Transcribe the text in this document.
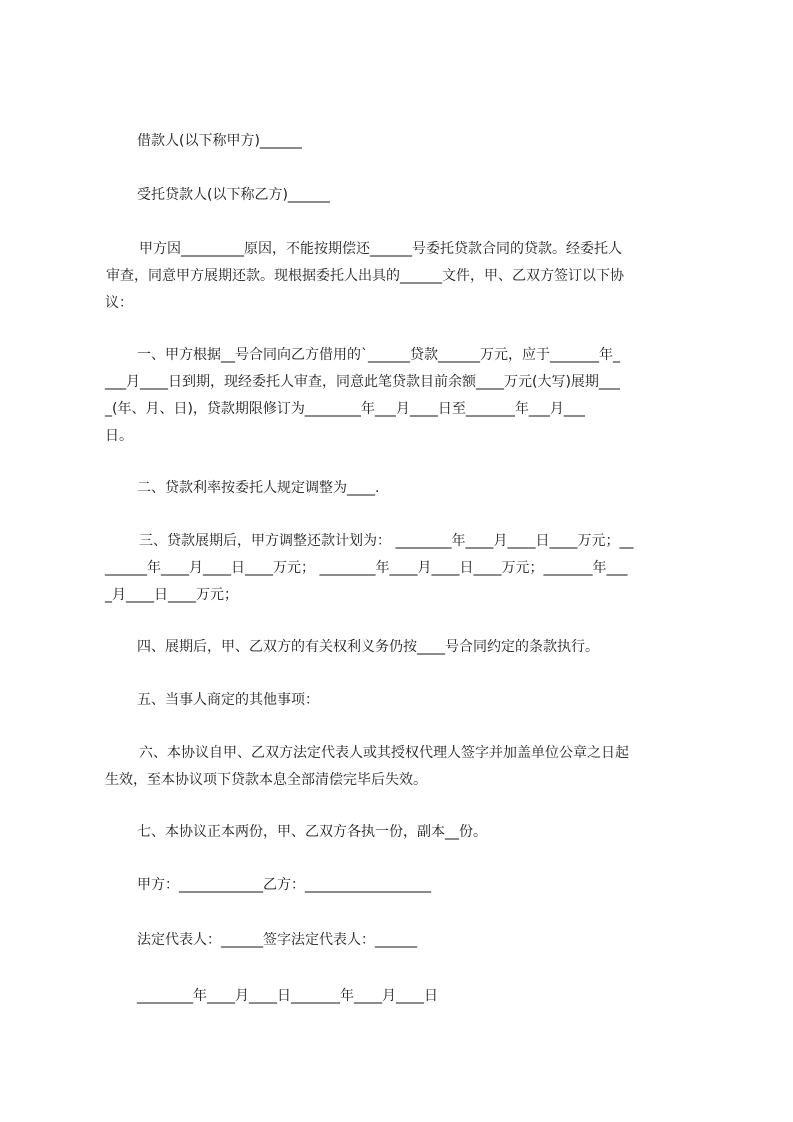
借款人(以下称甲方)______
受托贷款人(以下称乙方)______
甲方因_________原因，不能按期偿还______号委托贷款合同的贷款。经委托人
审查，同意甲方展期还款。现根据委托人出具的______文件，甲、乙双方签订以下协
议：
一、甲方根据__号合同向乙方借用的`______贷款______万元，应于_______年_
___月____日到期，现经委托人审查，同意此笔贷款目前余额____万元(大写)展期___
_(年、月、日)，贷款期限修订为________年___月____日至_______年___月___
日。
二、贷款利率按委托人规定调整为____.
三、贷款展期后，甲方调整还款计划为： ________年____月____日____万元；__
______年____月____日____万元； ________年____月____日____万元；_______年___
_月____日____万元；
四、展期后，甲、乙双方的有关权利义务仍按____号合同约定的条款执行。
五、当事人商定的其他事项：
六、本协议自甲、乙双方法定代表人或其授权代理人签字并加盖单位公章之日起
生效，至本协议项下贷款本息全部清偿完毕后失效。
七、本协议正本两份，甲、乙双方各执一份，副本__份。
甲方：____________乙方：__________________
法定代表人：______签字法定代表人：______
________年____月____日_______年____月____日
